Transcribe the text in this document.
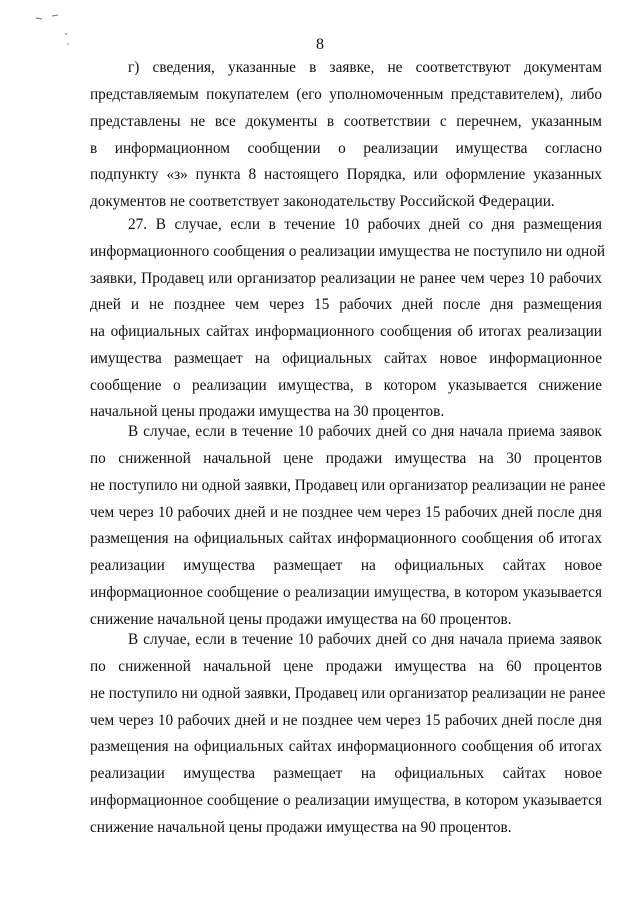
8
г) сведения, указанные в заявке, не соответствуют документам
представляемым покупателем (его уполномоченным представителем), либо
представлены не все документы в соответствии с перечнем, указанным
в информационном сообщении о реализации имущества согласно
подпункту «з» пункта 8 настоящего Порядка, или оформление указанных
документов не соответствует законодательству Российской Федерации.
27. В случае, если в течение 10 рабочих дней со дня размещения
информационного сообщения о реализации имущества не поступило ни одной
заявки, Продавец или организатор реализации не ранее чем через 10 рабочих
дней и не позднее чем через 15 рабочих дней после дня размещения
на официальных сайтах информационного сообщения об итогах реализации
имущества размещает на официальных сайтах новое информационное
сообщение о реализации имущества, в котором указывается снижение
начальной цены продажи имущества на 30 процентов.
В случае, если в течение 10 рабочих дней со дня начала приема заявок
по сниженной начальной цене продажи имущества на 30 процентов
не поступило ни одной заявки, Продавец или организатор реализации не ранее
чем через 10 рабочих дней и не позднее чем через 15 рабочих дней после дня
размещения на официальных сайтах информационного сообщения об итогах
реализации имущества размещает на официальных сайтах новое
информационное сообщение о реализации имущества, в котором указывается
снижение начальной цены продажи имущества на 60 процентов.
В случае, если в течение 10 рабочих дней со дня начала приема заявок
по сниженной начальной цене продажи имущества на 60 процентов
не поступило ни одной заявки, Продавец или организатор реализации не ранее
чем через 10 рабочих дней и не позднее чем через 15 рабочих дней после дня
размещения на официальных сайтах информационного сообщения об итогах
реализации имущества размещает на официальных сайтах новое
информационное сообщение о реализации имущества, в котором указывается
снижение начальной цены продажи имущества на 90 процентов.
